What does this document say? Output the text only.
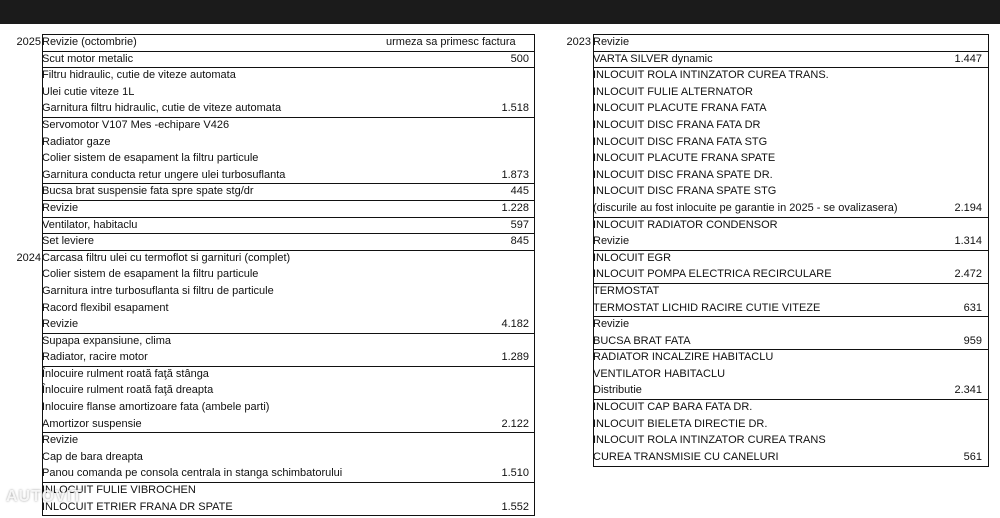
2025 Revizie (octombrie)	urmeza sa primesc factura
Scut motor metalic	500
Filtru hidraulic, cutie de viteze automata
Ulei cutie viteze 1L
Garnitura filtru hidraulic, cutie de viteze automata	1.518
Servomotor V107 Mes -echipare V426
Radiator gaze
Colier sistem de esapament la filtru particule
Garnitura conducta retur ungere ulei turbosuflanta	1.873
Bucsa brat suspensie fata spre spate stg/dr	445
Revizie	1.228
Ventilator, habitaclu	597
Set leviere	845
2024 Carcasa filtru ulei cu termoflot si garnituri (complet)
Colier sistem de esapament la filtru particule
Garnitura intre turbosuflanta si filtru de particule
Racord flexibil esapament
Revizie	4.182
Supapa expansiune, clima
Radiator, racire motor	1.289
Înlocuire rulment roată faţă stânga
Înlocuire rulment roată faţă dreapta
Inlocuire flanse amortizoare fata (ambele parti)
Amortizor suspensie	2.122
Revizie
Cap de bara dreapta
Panou comanda pe consola centrala in stanga schimbatorului	1.510
INLOCUIT FULIE VIBROCHEN
INLOCUIT ETRIER FRANA DR SPATE	1.552
2023 Revizie
VARTA SILVER dynamic	1.447
INLOCUIT ROLA INTINZATOR CUREA TRANS.
INLOCUIT FULIE ALTERNATOR
INLOCUIT PLACUTE FRANA FATA
INLOCUIT DISC FRANA FATA DR
INLOCUIT DISC FRANA FATA STG
INLOCUIT PLACUTE FRANA SPATE
INLOCUIT DISC FRANA SPATE DR.
INLOCUIT DISC FRANA SPATE STG
(discurile au fost inlocuite pe garantie in 2025 - se ovalizasera)	2.194
INLOCUIT RADIATOR CONDENSOR
Revizie	1.314
INLOCUIT EGR
INLOCUIT POMPA ELECTRICA RECIRCULARE	2.472
TERMOSTAT
TERMOSTAT LICHID RACIRE CUTIE VITEZE	631
Revizie
BUCSA BRAT FATA	959
RADIATOR INCALZIRE HABITACLU
VENTILATOR HABITACLU
Distributie	2.341
INLOCUIT CAP BARA FATA DR.
INLOCUIT BIELETA DIRECTIE DR.
INLOCUIT ROLA INTINZATOR CUREA TRANS
CUREA TRANSMISIE CU CANELURI	561
AUTOVIT
